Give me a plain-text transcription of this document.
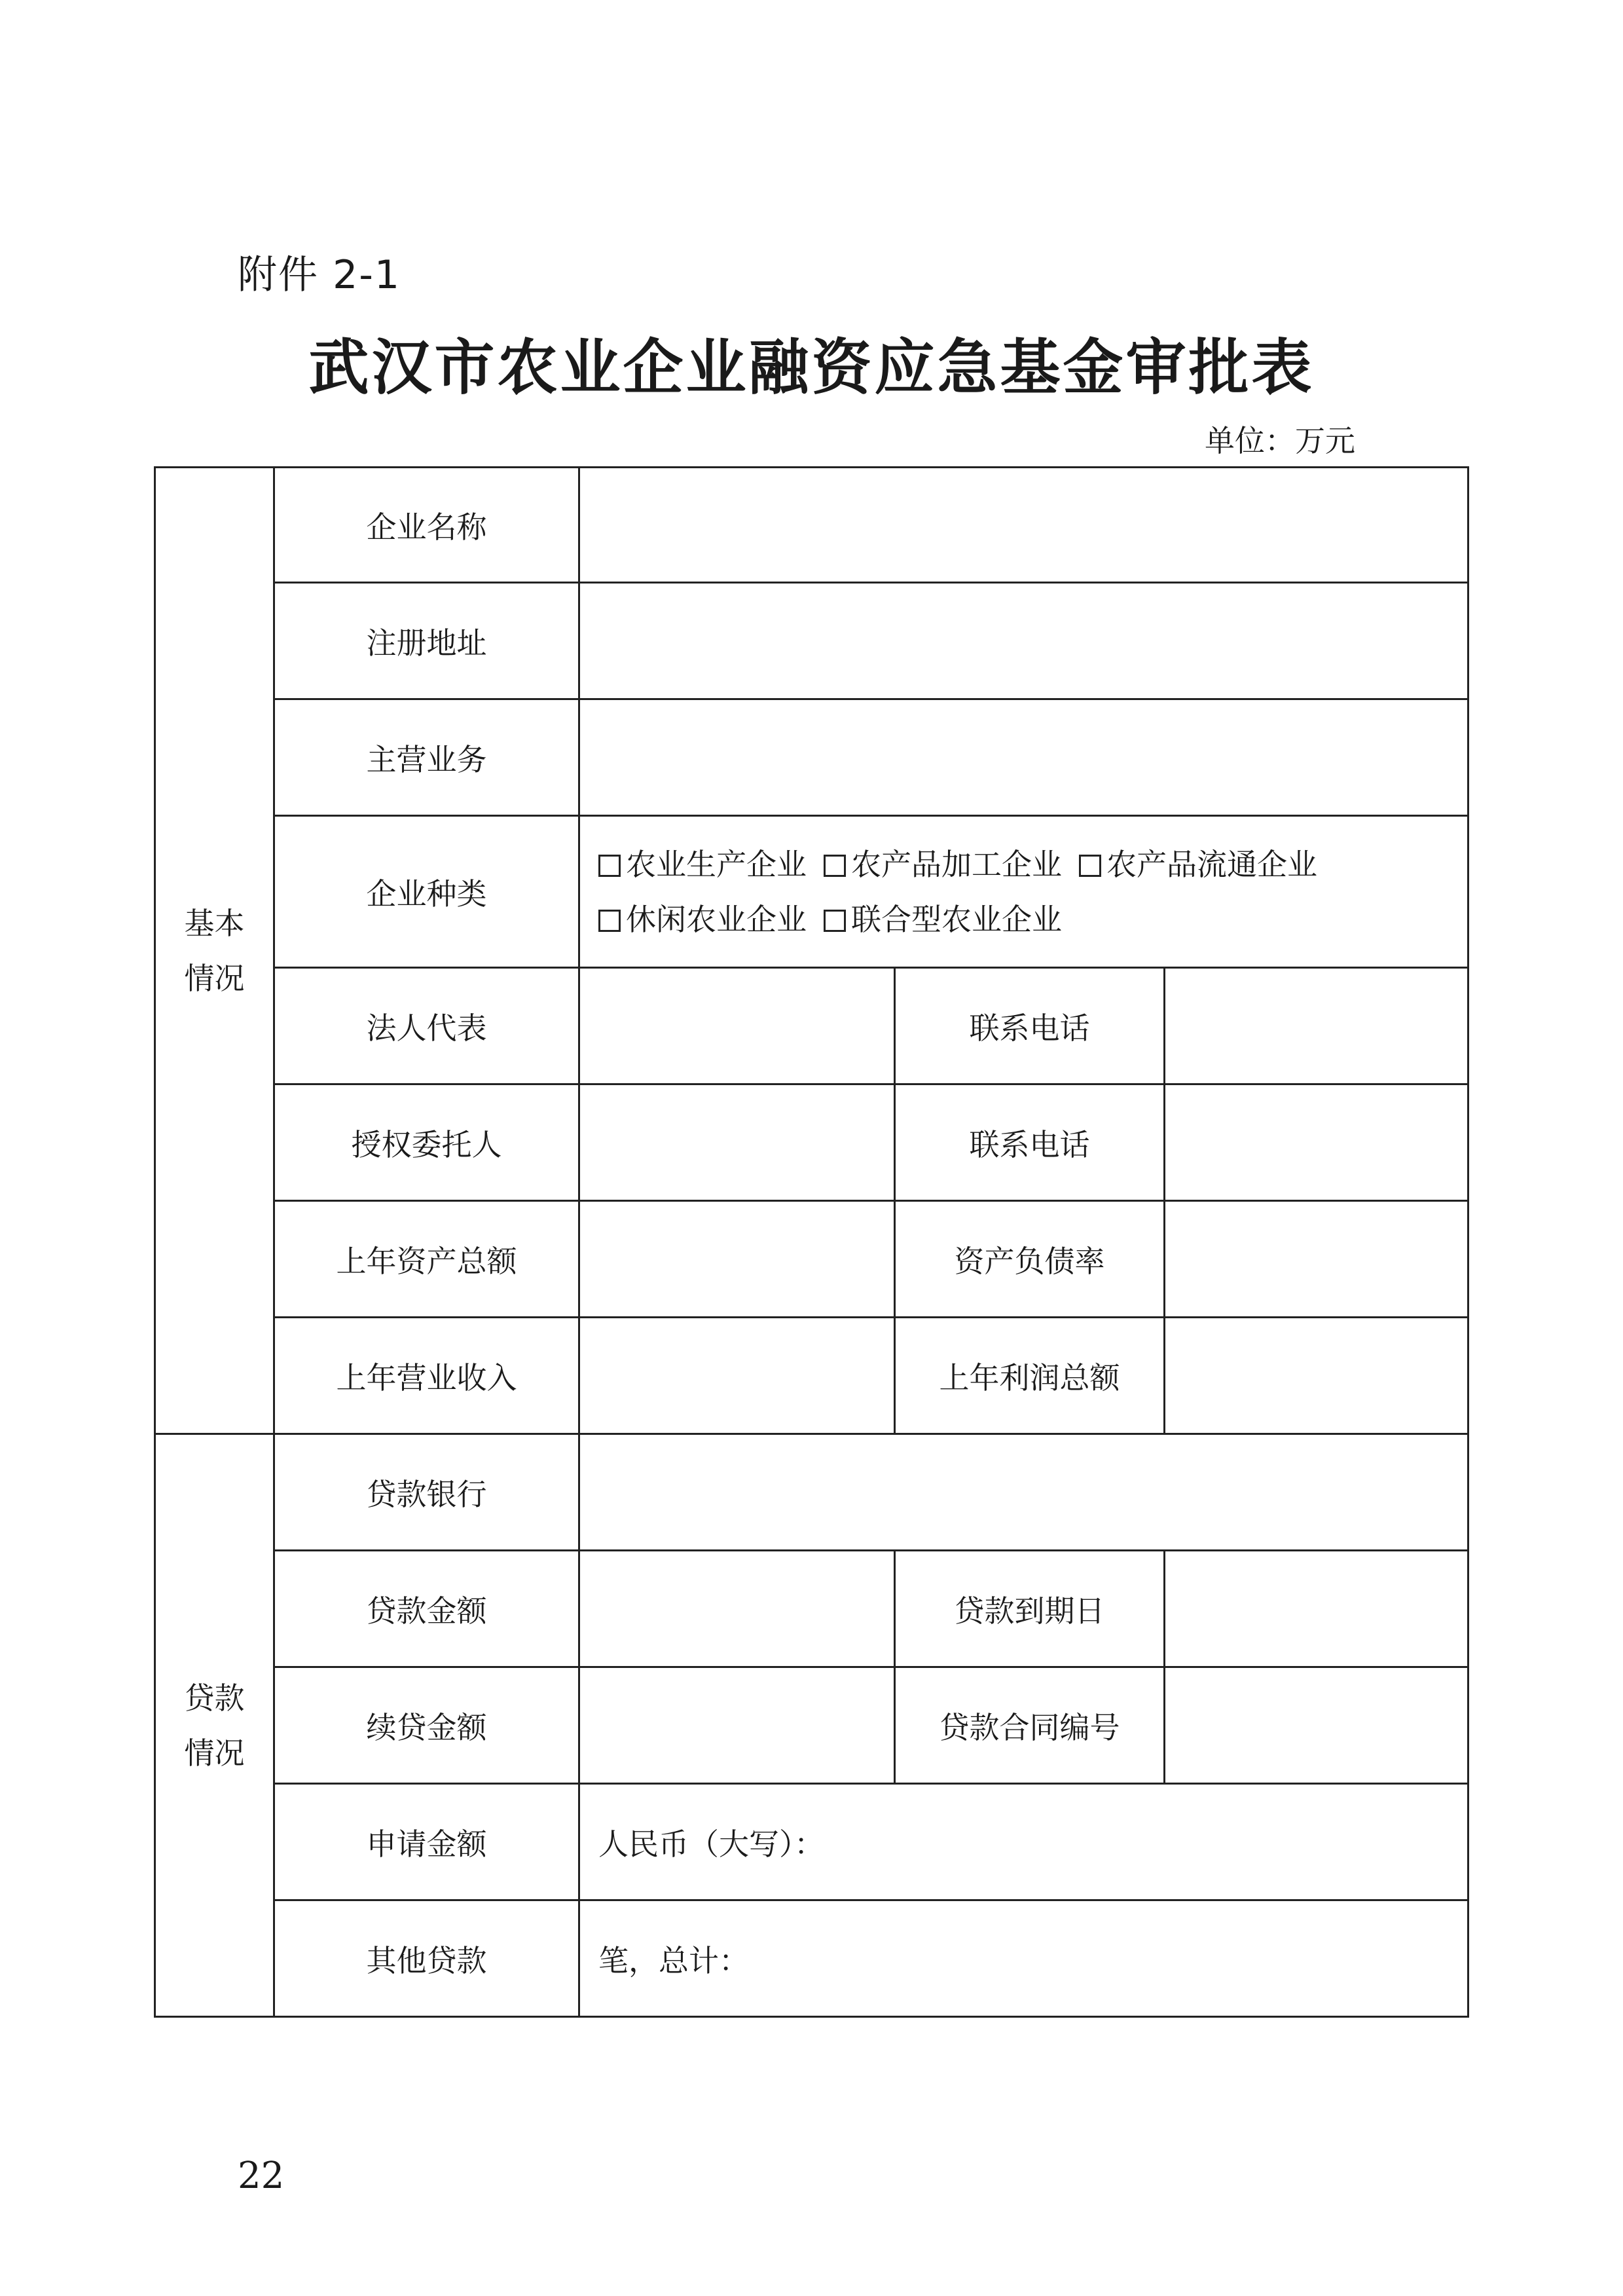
附件 2-1
武汉市农业企业融资应急基金审批表
单位：万元
基本
情况	企业名称			
	注册地址			
	主营业务			
	企业种类	农业生产企业 农产品加工企业 农产品流通企业
休闲农业企业 联合型农业企业		

	法人代表		联系电话	
	授权委托人		联系电话	
	上年资产总额		资产负债率	
	上年营业收入		上年利润总额	

贷款
情况	贷款银行			
	贷款金额		贷款到期日	
	续贷金额		贷款合同编号	
	申请金额	人民币（大写）：		
	其他贷款	笔，总计：		
22
